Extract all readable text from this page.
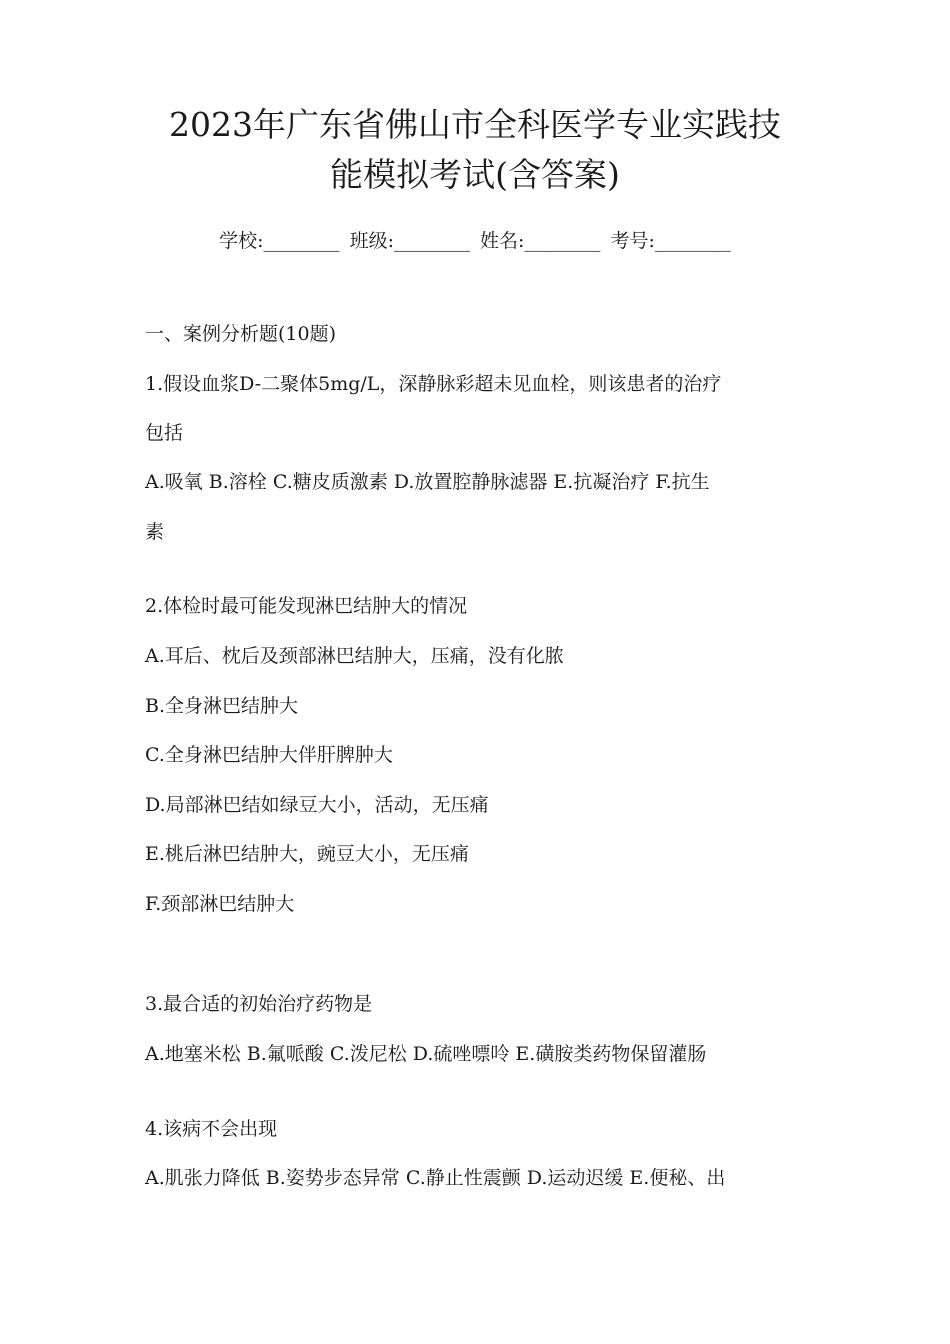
2023年广东省佛山市全科医学专业实践技
能模拟考试(含答案)
学校:________ 班级:________ 姓名:________ 考号:________
一、案例分析题(10题)
1.假设血浆D-二聚体5mg/L，深静脉彩超未见血栓，则该患者的治疗
包括
A.吸氧 B.溶栓 C.糖皮质激素 D.放置腔静脉滤器 E.抗凝治疗 F.抗生
素
2.体检时最可能发现淋巴结肿大的情况
A.耳后、枕后及颈部淋巴结肿大，压痛，没有化脓
B.全身淋巴结肿大
C.全身淋巴结肿大伴肝脾肿大
D.局部淋巴结如绿豆大小，活动，无压痛
E.桃后淋巴结肿大，豌豆大小，无压痛
F.颈部淋巴结肿大
3.最合适的初始治疗药物是
A.地塞米松 B.氟哌酸 C.泼尼松 D.硫唑嘌呤 E.磺胺类药物保留灌肠
4.该病不会出现
A.肌张力降低 B.姿势步态异常 C.静止性震颤 D.运动迟缓 E.便秘、出
